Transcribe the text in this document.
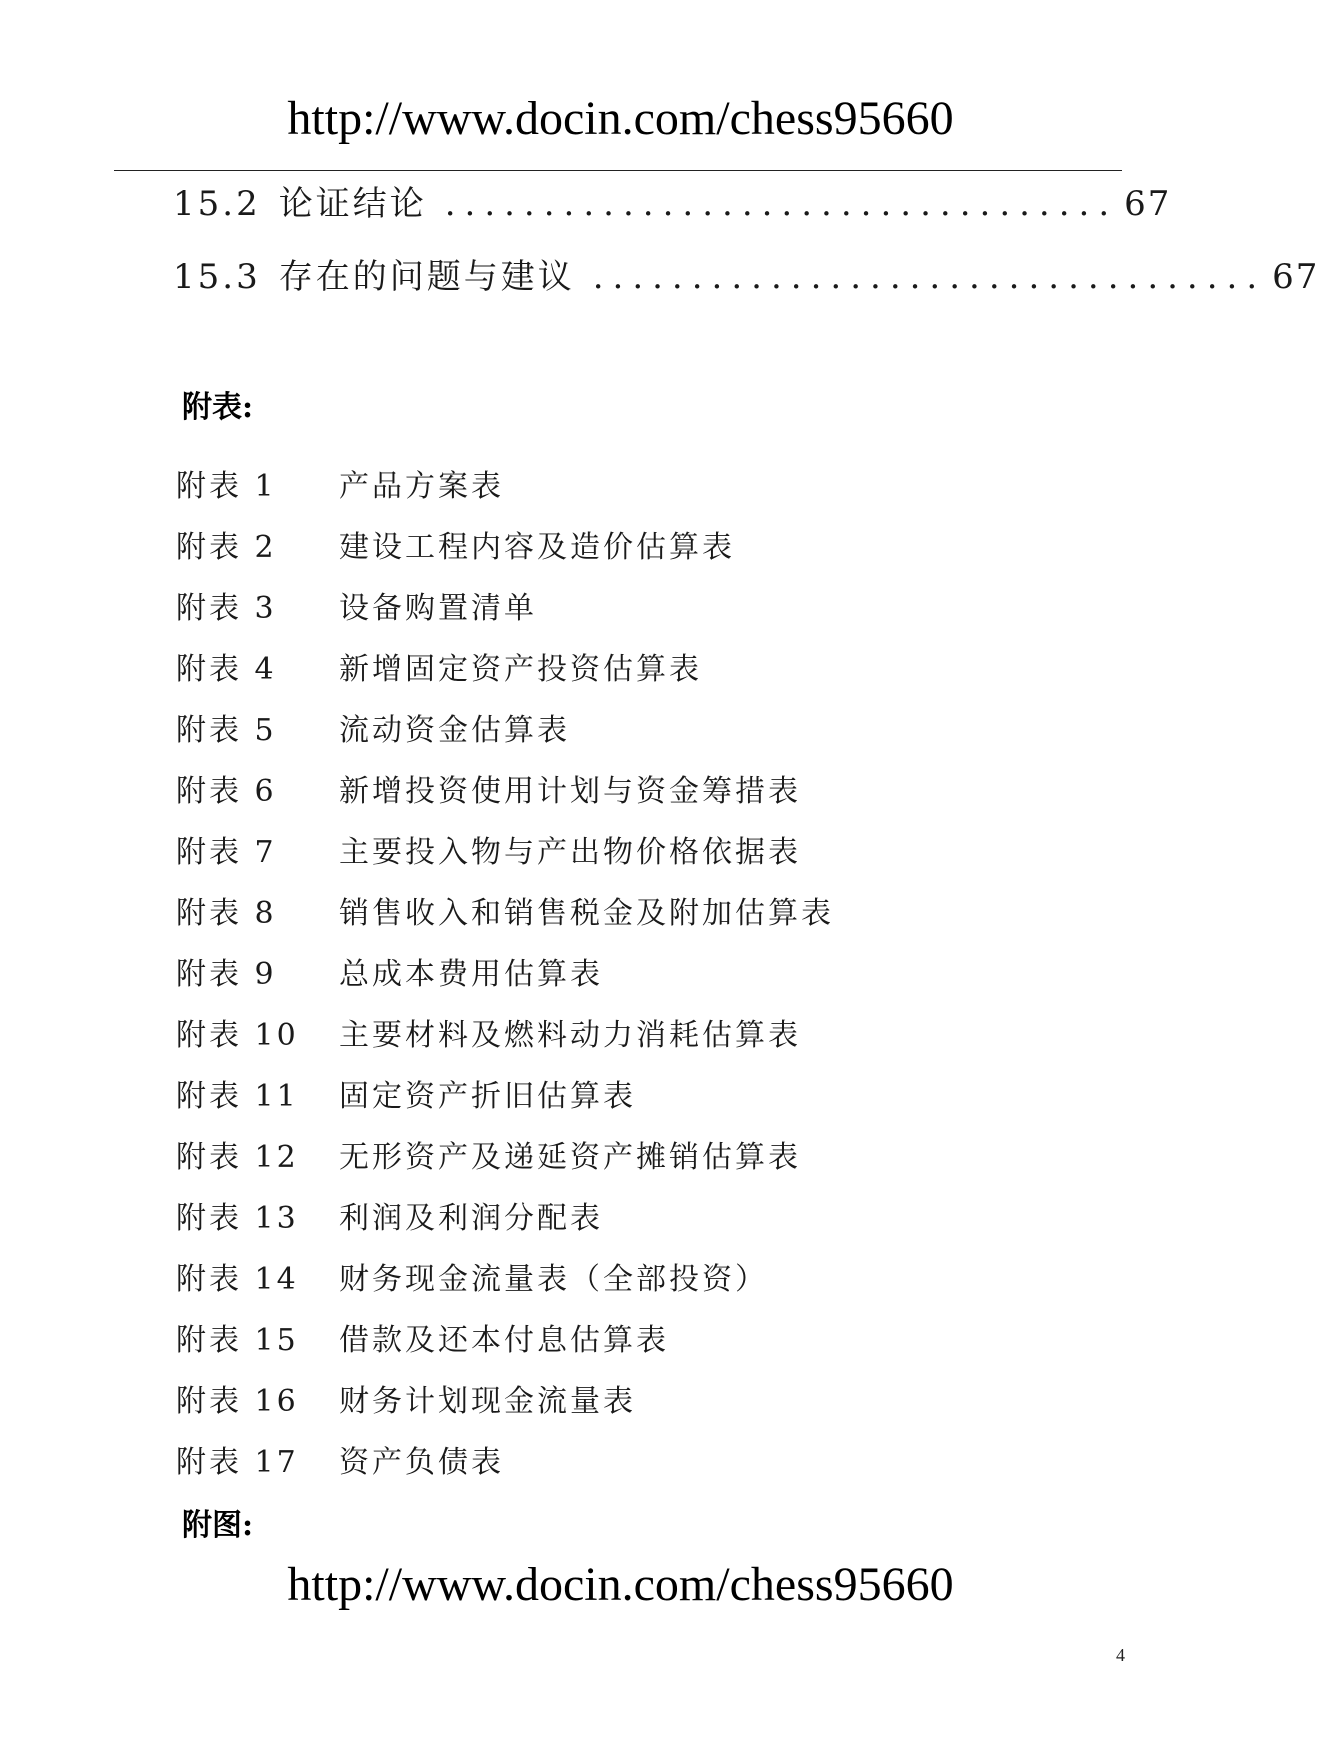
http://www.docin.com/chess95660
15.2 论证结论 .................................. 67
15.3 存在的问题与建议 .................................. 67
附表:
附表 1	产品方案表
附表 2	建设工程内容及造价估算表
附表 3	设备购置清单
附表 4	新增固定资产投资估算表
附表 5	流动资金估算表
附表 6	新增投资使用计划与资金筹措表
附表 7	主要投入物与产出物价格依据表
附表 8	销售收入和销售税金及附加估算表
附表 9	总成本费用估算表
附表 10	主要材料及燃料动力消耗估算表
附表 11	固定资产折旧估算表
附表 12	无形资产及递延资产摊销估算表
附表 13	利润及利润分配表
附表 14	财务现金流量表（全部投资）
附表 15	借款及还本付息估算表
附表 16	财务计划现金流量表
附表 17	资产负债表
附图:
http://www.docin.com/chess95660
4
